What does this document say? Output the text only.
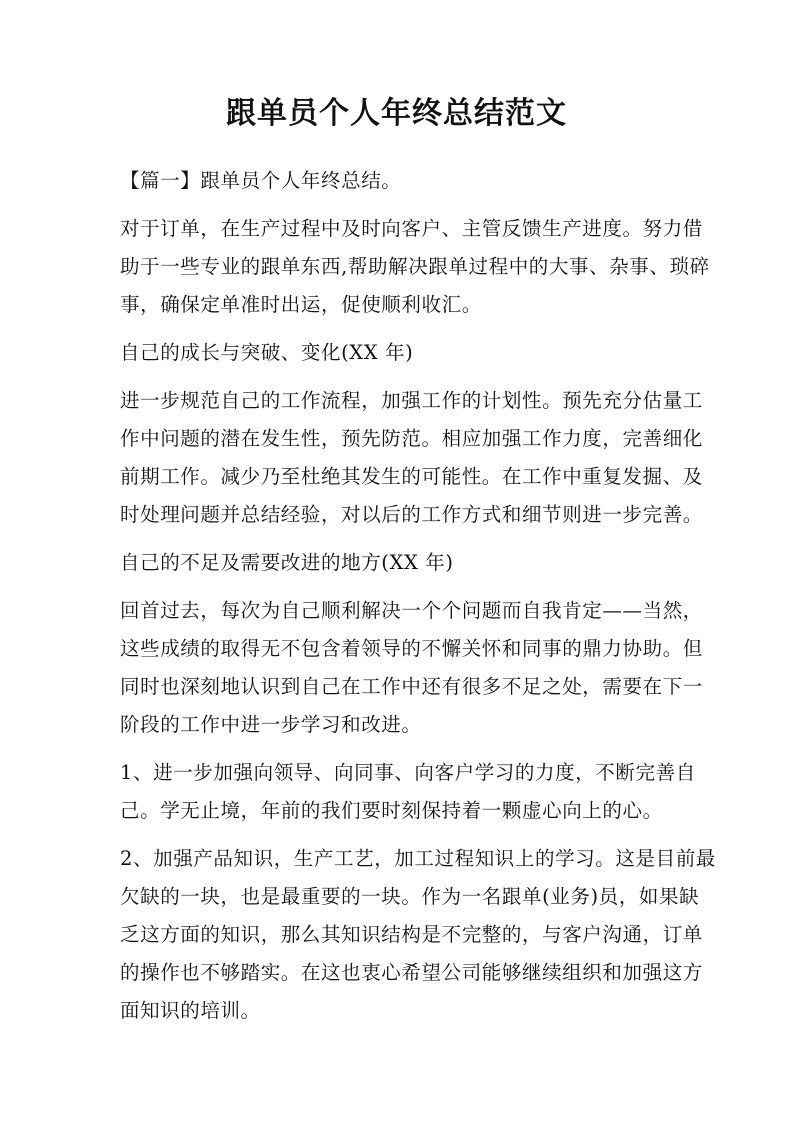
跟单员个人年终总结范文

【篇一】跟单员个人年终总结。

对于订单，在生产过程中及时向客户、主管反馈生产进度。努力借
助于一些专业的跟单东西,帮助解决跟单过程中的大事、杂事、琐碎
事，确保定单准时出运，促使顺利收汇。

自己的成长与突破、变化(XX 年)

进一步规范自己的工作流程，加强工作的计划性。预先充分估量工
作中问题的潜在发生性，预先防范。相应加强工作力度，完善细化
前期工作。减少乃至杜绝其发生的可能性。在工作中重复发掘、及
时处理问题并总结经验，对以后的工作方式和细节则进一步完善。

自己的不足及需要改进的地方(XX 年)

回首过去，每次为自己顺利解决一个个问题而自我肯定——当然，
这些成绩的取得无不包含着领导的不懈关怀和同事的鼎力协助。但
同时也深刻地认识到自己在工作中还有很多不足之处，需要在下一
阶段的工作中进一步学习和改进。

1、进一步加强向领导、向同事、向客户学习的力度，不断完善自
己。学无止境，年前的我们要时刻保持着一颗虚心向上的心。

2、加强产品知识，生产工艺，加工过程知识上的学习。这是目前最
欠缺的一块，也是最重要的一块。作为一名跟单(业务)员，如果缺
乏这方面的知识，那么其知识结构是不完整的，与客户沟通，订单
的操作也不够踏实。在这也衷心希望公司能够继续组织和加强这方
面知识的培训。
